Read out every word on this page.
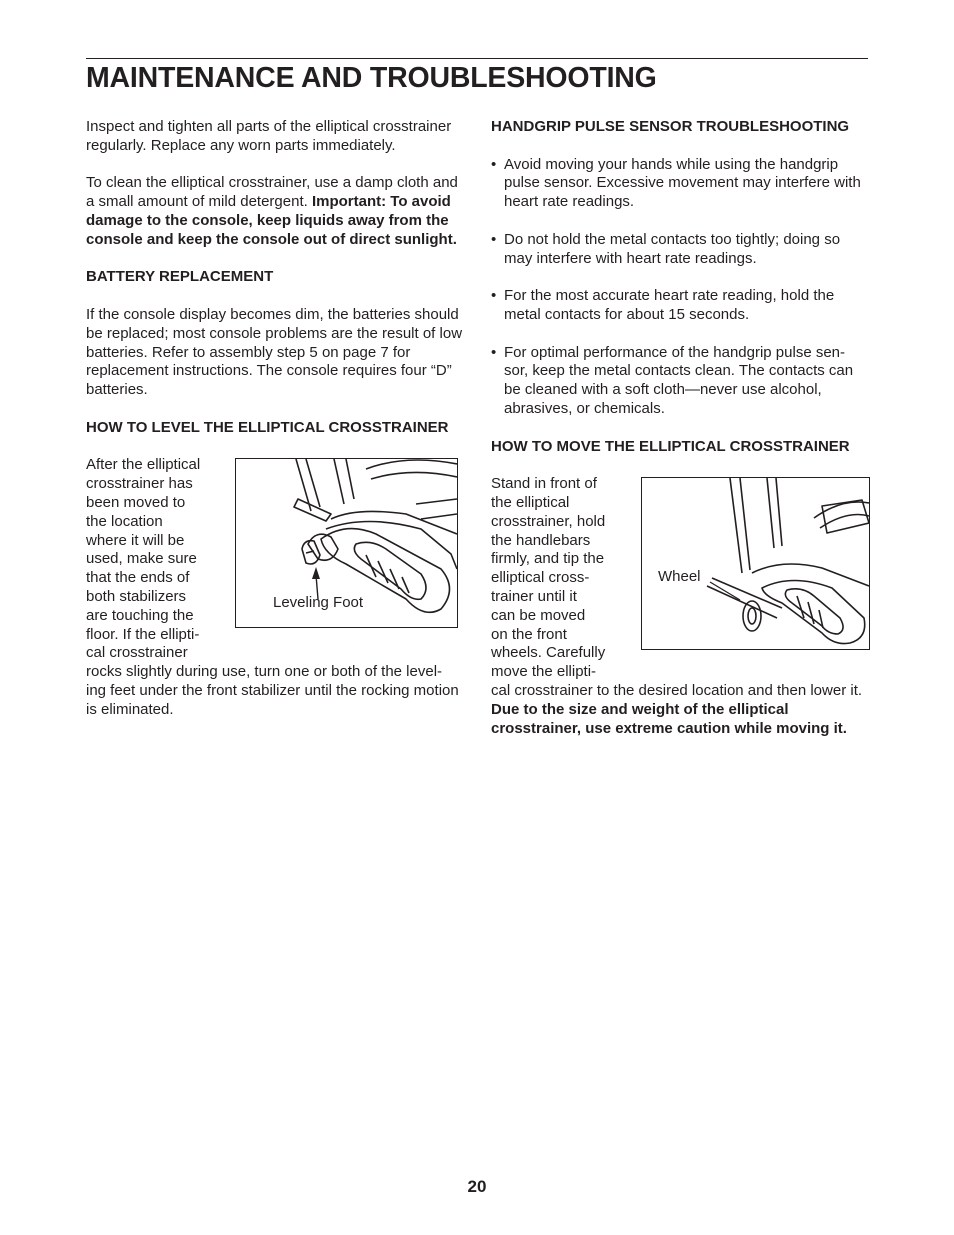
MAINTENANCE AND TROUBLESHOOTING

Inspect and tighten all parts of the elliptical crosstrainer regularly. Replace any worn parts immediately.

To clean the elliptical crosstrainer, use a damp cloth and a small amount of mild detergent. Important: To avoid damage to the console, keep liquids away from the console and keep the console out of direct sunlight.

BATTERY REPLACEMENT

If the console display becomes dim, the batteries should be replaced; most console problems are the result of low batteries. Refer to assembly step 5 on page 7 for replacement instructions. The console requires four “D” batteries.

HOW TO LEVEL THE ELLIPTICAL CROSSTRAINER

After the elliptical
crosstrainer has
been moved to
the location
where it will be
used, make sure
that the ends of
both stabilizers
are touching the
floor. If the ellipti-
cal crosstrainer
Leveling Foot

rocks slightly during use, turn one or both of the level- ing feet under the front stabilizer until the rocking motion is eliminated.

HANDGRIP PULSE SENSOR TROUBLESHOOTING

• Avoid moving your hands while using the handgrip pulse sensor. Excessive movement may interfere with heart rate readings.
• Do not hold the metal contacts too tightly; doing so may interfere with heart rate readings.
• For the most accurate heart rate reading, hold the metal contacts for about 15 seconds.
• For optimal performance of the handgrip pulse sen- sor, keep the metal contacts clean. The contacts can be cleaned with a soft cloth—never use alcohol, abrasives, or chemicals.

HOW TO MOVE THE ELLIPTICAL CROSSTRAINER

Stand in front of
the elliptical
crosstrainer, hold
the handlebars
firmly, and tip the
elliptical cross-
trainer until it
can be moved
on the front
wheels. Carefully
move the ellipti-
Wheel

cal crosstrainer to the desired location and then lower it. Due to the size and weight of the elliptical crosstrainer, use extreme caution while moving it.

20
